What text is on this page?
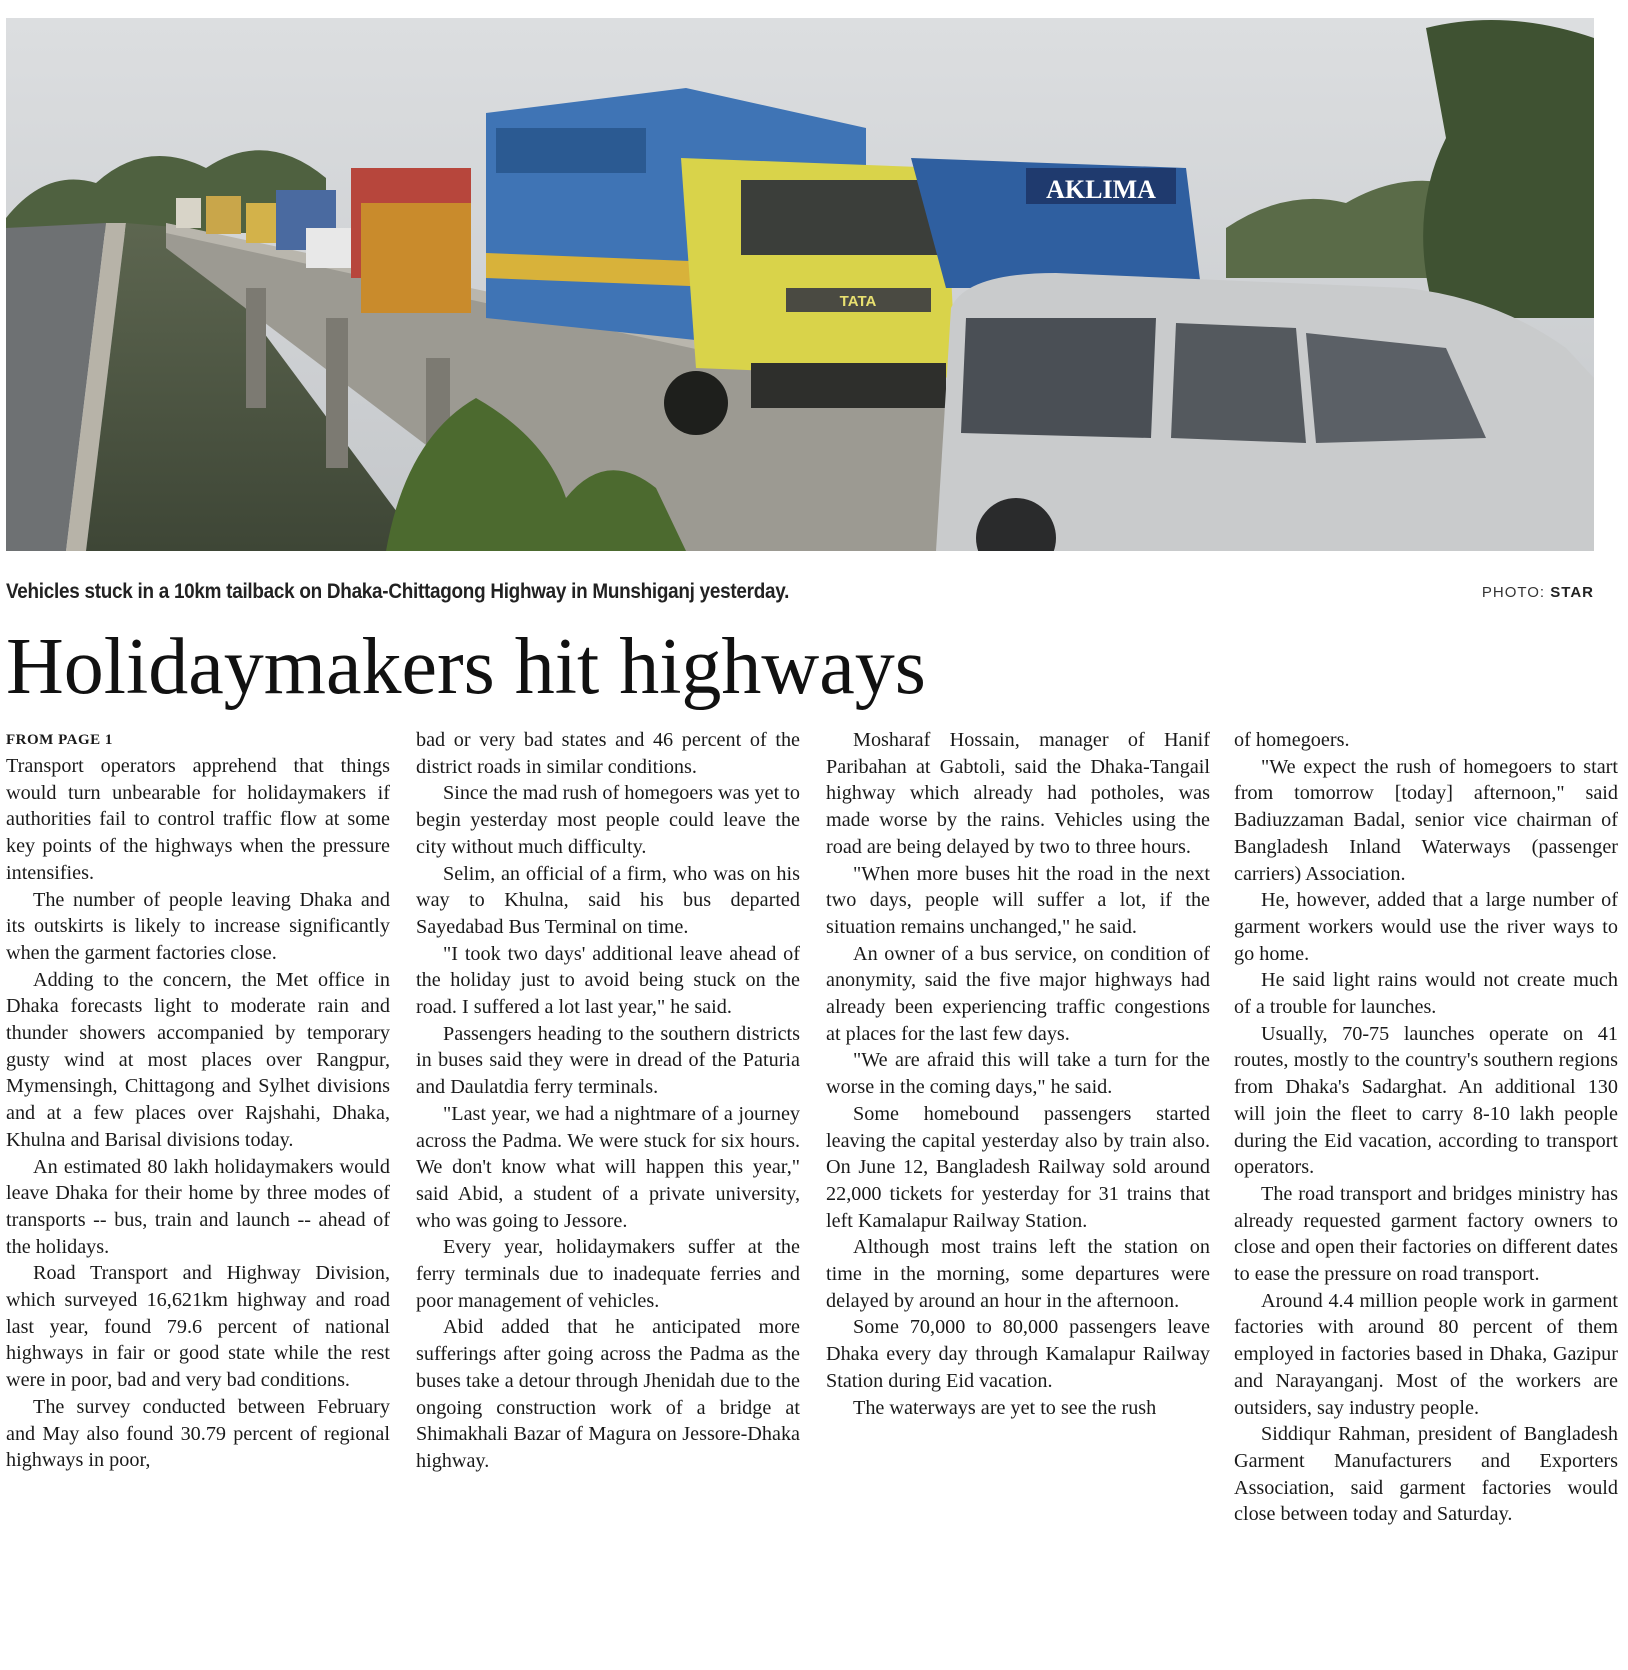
TATA
AKLIMA
Vehicles stuck in a 10km tailback on Dhaka-Chittagong Highway in Munshiganj yesterday.	PHOTO: STAR
Holidaymakers hit highways
FROM PAGE 1

Transport operators apprehend that things would turn unbearable for holidaymakers if authorities fail to control traffic flow at some key points of the highways when the pressure intensifies.

The number of people leaving Dhaka and its outskirts is likely to increase significantly when the garment factories close.

Adding to the concern, the Met office in Dhaka forecasts light to moderate rain and thunder showers accompanied by temporary gusty wind at most places over Rangpur, Mymensingh, Chittagong and Sylhet divisions and at a few places over Rajshahi, Dhaka, Khulna and Barisal divisions today.

An estimated 80 lakh holidaymakers would leave Dhaka for their home by three modes of transports -- bus, train and launch -- ahead of the holidays.

Road Transport and Highway Division, which surveyed 16,621km highway and road last year, found 79.6 percent of national highways in fair or good state while the rest were in poor, bad and very bad conditions.

The survey conducted between February and May also found 30.79 percent of regional highways in poor,

bad or very bad states and 46 percent of the district roads in similar conditions.

Since the mad rush of homegoers was yet to begin yesterday most people could leave the city without much difficulty.

Selim, an official of a firm, who was on his way to Khulna, said his bus departed Sayedabad Bus Terminal on time.

"I took two days' additional leave ahead of the holiday just to avoid being stuck on the road. I suffered a lot last year," he said.

Passengers heading to the southern districts in buses said they were in dread of the Paturia and Daulatdia ferry terminals.

"Last year, we had a nightmare of a journey across the Padma. We were stuck for six hours. We don't know what will happen this year," said Abid, a student of a private university, who was going to Jessore.

Every year, holidaymakers suffer at the ferry terminals due to inadequate ferries and poor management of vehicles.

Abid added that he anticipated more sufferings after going across the Padma as the buses take a detour through Jhenidah due to the ongoing construction work of a bridge at Shimakhali Bazar of Magura on Jessore-Dhaka highway.

Mosharaf Hossain, manager of Hanif Paribahan at Gabtoli, said the Dhaka-Tangail highway which already had potholes, was made worse by the rains. Vehicles using the road are being delayed by two to three hours.

"When more buses hit the road in the next two days, people will suffer a lot, if the situation remains unchanged," he said.

An owner of a bus service, on condition of anonymity, said the five major highways had already been experiencing traffic congestions at places for the last few days.

"We are afraid this will take a turn for the worse in the coming days," he said.

Some homebound passengers started leaving the capital yesterday also by train also. On June 12, Bangladesh Railway sold around 22,000 tickets for yesterday for 31 trains that left Kamalapur Railway Station.

Although most trains left the station on time in the morning, some departures were delayed by around an hour in the afternoon.

Some 70,000 to 80,000 passengers leave Dhaka every day through Kamalapur Railway Station during Eid vacation.

The waterways are yet to see the rush

of homegoers.

"We expect the rush of homegoers to start from tomorrow [today] afternoon," said Badiuzzaman Badal, senior vice chairman of Bangladesh Inland Waterways (passenger carriers) Association.

He, however, added that a large number of garment workers would use the river ways to go home.

He said light rains would not create much of a trouble for launches.

Usually, 70-75 launches operate on 41 routes, mostly to the country's southern regions from Dhaka's Sadarghat. An additional 130 will join the fleet to carry 8-10 lakh people during the Eid vacation, according to transport operators.

The road transport and bridges ministry has already requested garment factory owners to close and open their factories on different dates to ease the pressure on road transport.

Around 4.4 million people work in garment factories with around 80 percent of them employed in factories based in Dhaka, Gazipur and Narayanganj. Most of the workers are outsiders, say industry people.

Siddiqur Rahman, president of Bangladesh Garment Manufacturers and Exporters Association, said garment factories would close between today and Saturday.
